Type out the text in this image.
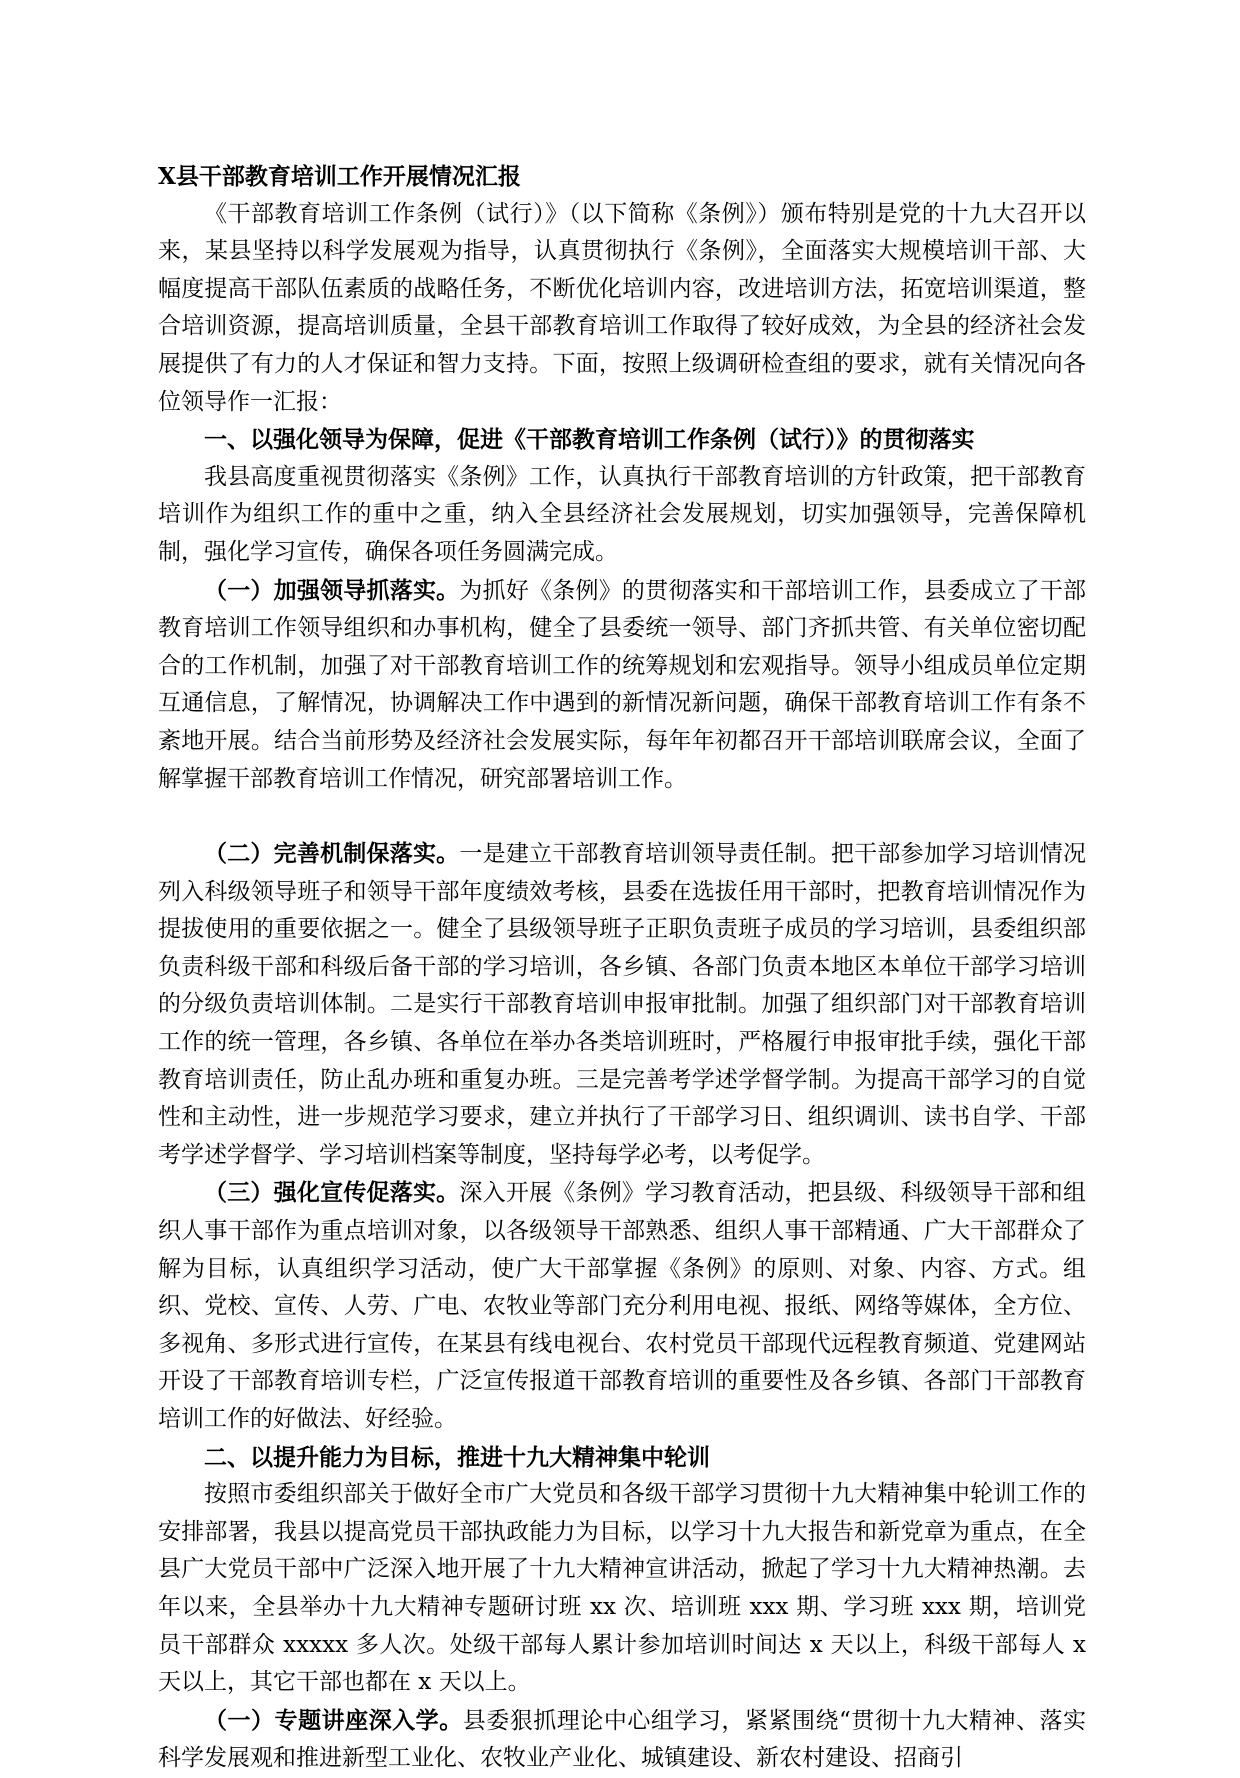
X县干部教育培训工作开展情况汇报

《干部教育培训工作条例（试行）》（以下简称《条例》）颁布特别是党的十九大召开以来，某县坚持以科学发展观为指导，认真贯彻执行《条例》，全面落实大规模培训干部、大幅度提高干部队伍素质的战略任务，不断优化培训内容，改进培训方法，拓宽培训渠道，整合培训资源，提高培训质量，全县干部教育培训工作取得了较好成效，为全县的经济社会发展提供了有力的人才保证和智力支持。下面，按照上级调研检查组的要求，就有关情况向各位领导作一汇报：

一、以强化领导为保障，促进《干部教育培训工作条例（试行）》的贯彻落实

我县高度重视贯彻落实《条例》工作，认真执行干部教育培训的方针政策，把干部教育培训作为组织工作的重中之重，纳入全县经济社会发展规划，切实加强领导，完善保障机制，强化学习宣传，确保各项任务圆满完成。

（一）加强领导抓落实。为抓好《条例》的贯彻落实和干部培训工作，县委成立了干部教育培训工作领导组织和办事机构，健全了县委统一领导、部门齐抓共管、有关单位密切配合的工作机制，加强了对干部教育培训工作的统筹规划和宏观指导。领导小组成员单位定期互通信息，了解情况，协调解决工作中遇到的新情况新问题，确保干部教育培训工作有条不紊地开展。结合当前形势及经济社会发展实际，每年年初都召开干部培训联席会议，全面了解掌握干部教育培训工作情况，研究部署培训工作。

（二）完善机制保落实。一是建立干部教育培训领导责任制。把干部参加学习培训情况列入科级领导班子和领导干部年度绩效考核，县委在选拔任用干部时，把教育培训情况作为提拔使用的重要依据之一。健全了县级领导班子正职负责班子成员的学习培训，县委组织部负责科级干部和科级后备干部的学习培训，各乡镇、各部门负责本地区本单位干部学习培训的分级负责培训体制。二是实行干部教育培训申报审批制。加强了组织部门对干部教育培训工作的统一管理，各乡镇、各单位在举办各类培训班时，严格履行申报审批手续，强化干部教育培训责任，防止乱办班和重复办班。三是完善考学述学督学制。为提高干部学习的自觉性和主动性，进一步规范学习要求，建立并执行了干部学习日、组织调训、读书自学、干部考学述学督学、学习培训档案等制度，坚持每学必考，以考促学。

（三）强化宣传促落实。深入开展《条例》学习教育活动，把县级、科级领导干部和组织人事干部作为重点培训对象，以各级领导干部熟悉、组织人事干部精通、广大干部群众了解为目标，认真组织学习活动，使广大干部掌握《条例》的原则、对象、内容、方式。组织、党校、宣传、人劳、广电、农牧业等部门充分利用电视、报纸、网络等媒体，全方位、多视角、多形式进行宣传，在某县有线电视台、农村党员干部现代远程教育频道、党建网站开设了干部教育培训专栏，广泛宣传报道干部教育培训的重要性及各乡镇、各部门干部教育培训工作的好做法、好经验。

二、以提升能力为目标，推进十九大精神集中轮训

按照市委组织部关于做好全市广大党员和各级干部学习贯彻十九大精神集中轮训工作的安排部署，我县以提高党员干部执政能力为目标，以学习十九大报告和新党章为重点，在全县广大党员干部中广泛深入地开展了十九大精神宣讲活动，掀起了学习十九大精神热潮。去年以来，全县举办十九大精神专题研讨班 xx 次、培训班 xxx 期、学习班 xxx 期，培训党员干部群众 xxxxx 多人次。处级干部每人累计参加培训时间达 x 天以上，科级干部每人 x 天以上，其它干部也都在 x 天以上。

（一）专题讲座深入学。县委狠抓理论中心组学习，紧紧围绕“贯彻十九大精神、落实科学发展观和推进新型工业化、农牧业产业化、城镇建设、新农村建设、招商引
